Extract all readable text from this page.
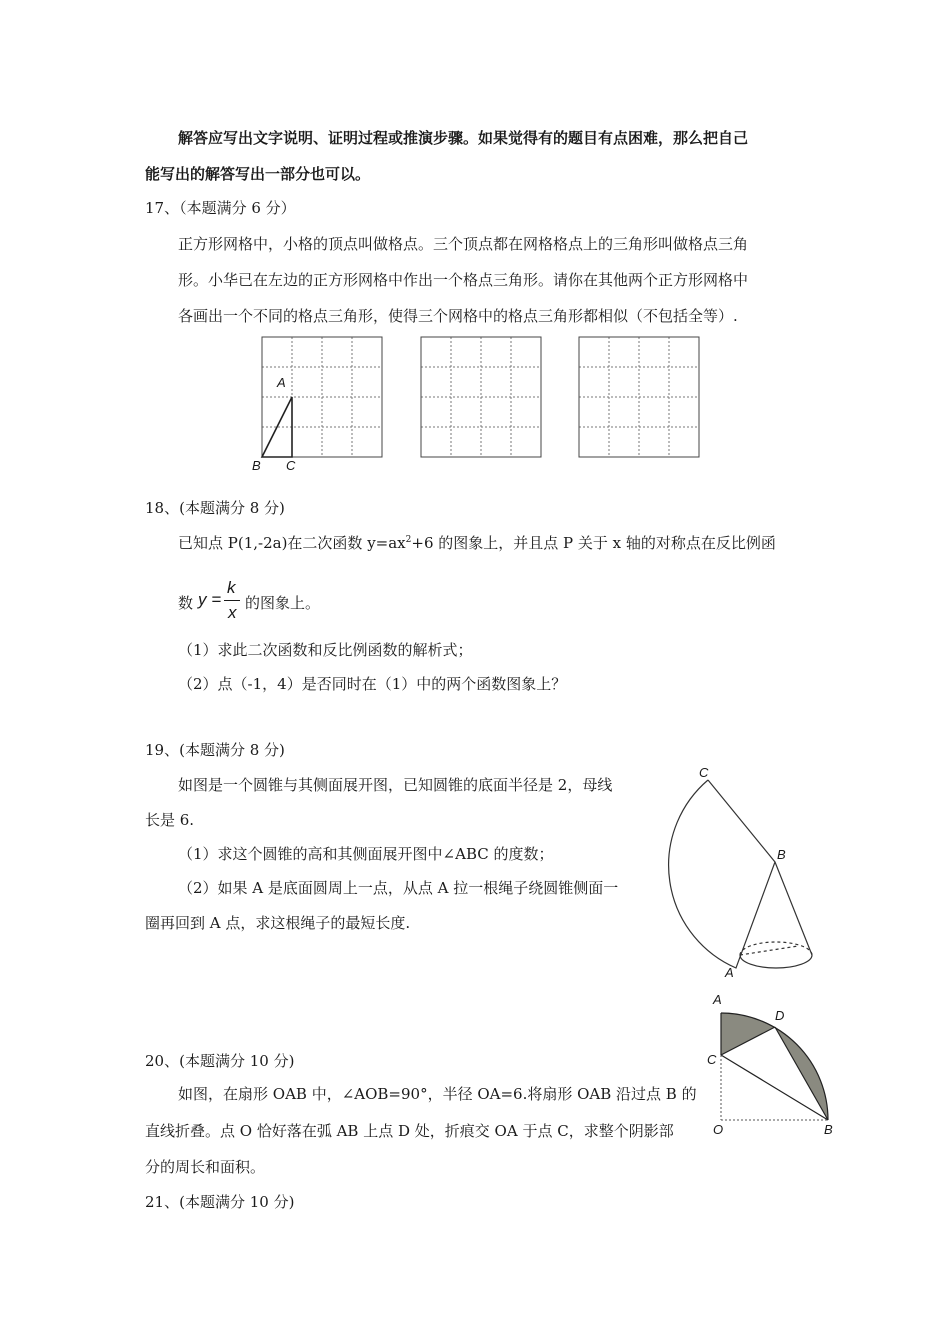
解答应写出文字说明、证明过程或推演步骤。如果觉得有的题目有点困难，那么把自己
能写出的解答写出一部分也可以。
17、（本题满分 6 分）
正方形网格中，小格的顶点叫做格点。三个顶点都在网格格点上的三角形叫做格点三角
形。小华已在左边的正方形网格中作出一个格点三角形。请你在其他两个正方形网格中
各画出一个不同的格点三角形，使得三个网格中的格点三角形都相似（不包括全等）.
A
B C
18、(本题满分 8 分)
已知点 P(1,-2a)在二次函数 $y=ax^2+6$ 的图象上，并且点 P 关于 x 轴的对称点在反比例函
数 y =
k
x 的图象上。
（1）求此二次函数和反比例函数的解析式；
（2）点（-1，4）是否同时在（1）中的两个函数图象上？
19、(本题满分 8 分)
如图是一个圆锥与其侧面展开图，已知圆锥的底面半径是 2，母线
长是 6.
（1）求这个圆锥的高和其侧面展开图中∠ABC 的度数；
（2）如果 A 是底面圆周上一点，从点 A 拉一根绳子绕圆锥侧面一
圈再回到 A 点，求这根绳子的最短长度.
C
B
A
20、(本题满分 10 分)
如图，在扇形 OAB 中，∠AOB=90°，半径 OA=6.将扇形 OAB 沿过点 B 的
直线折叠。点 O 恰好落在弧 AB 上点 D 处，折痕交 OA 于点 C，求整个阴影部
分的周长和面积。
A
D
C
O	B
21、(本题满分 10 分)
